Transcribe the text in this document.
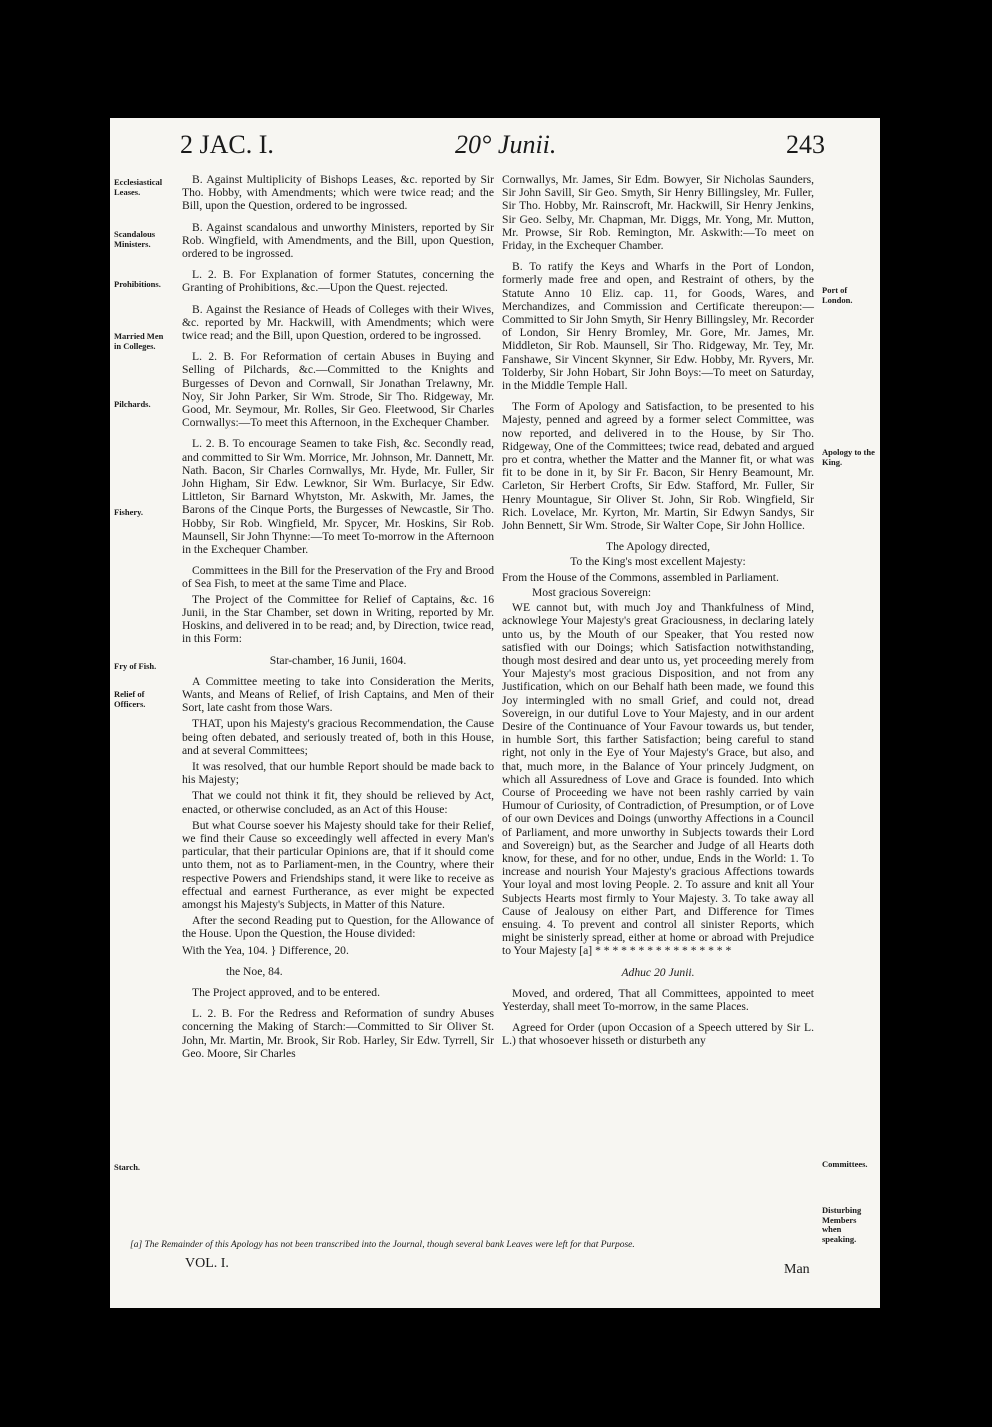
2 JAC. I.	20° Junii.	243

B. Against Multiplicity of Bishops Leases, &c. reported by Sir Tho. Hobby, with Amendments; which were twice read; and the Bill, upon the Question, ordered to be ingrossed.

B. Against scandalous and unworthy Ministers, reported by Sir Rob. Wingfield, with Amendments, and the Bill, upon Question, ordered to be ingrossed.

L. 2. B. For Explanation of former Statutes, concerning the Granting of Prohibitions, &c.—Upon the Quest. rejected.

B. Against the Resiance of Heads of Colleges with their Wives, &c. reported by Mr. Hackwill, with Amendments; which were twice read; and the Bill, upon Question, ordered to be ingrossed.

L. 2. B. For Reformation of certain Abuses in Buying and Selling of Pilchards, &c.—Committed to the Knights and Burgesses of Devon and Cornwall, Sir Jonathan Trelawny, Mr. Noy, Sir John Parker, Sir Wm. Strode, Sir Tho. Ridgeway, Mr. Good, Mr. Seymour, Mr. Rolles, Sir Geo. Fleetwood, Sir Charles Cornwallys:—To meet this Afternoon, in the Exchequer Chamber.

L. 2. B. To encourage Seamen to take Fish, &c. Secondly read, and committed to Sir Wm. Morrice, Mr. Johnson, Mr. Dannett, Mr. Nath. Bacon, Sir Charles Cornwallys, Mr. Hyde, Mr. Fuller, Sir John Higham, Sir Edw. Lewknor, Sir Wm. Burlacye, Sir Edw. Littleton, Sir Barnard Whytston, Mr. Askwith, Mr. James, the Barons of the Cinque Ports, the Burgesses of Newcastle, Sir Tho. Hobby, Sir Rob. Wingfield, Mr. Spycer, Mr. Hoskins, Sir Rob. Maunsell, Sir John Thynne:—To meet To-morrow in the Afternoon in the Exchequer Chamber.

Committees in the Bill for the Preservation of the Fry and Brood of Sea Fish, to meet at the same Time and Place.

The Project of the Committee for Relief of Captains, &c. 16 Junii, in the Star Chamber, set down in Writing, reported by Mr. Hoskins, and delivered in to be read; and, by Direction, twice read, in this Form:

Star-chamber, 16 Junii, 1604.

A Committee meeting to take into Consideration the Merits, Wants, and Means of Relief, of Irish Captains, and Men of their Sort, late casht from those Wars.

THAT, upon his Majesty's gracious Recommendation, the Cause being often debated, and seriously treated of, both in this House, and at several Committees;

It was resolved, that our humble Report should be made back to his Majesty;

That we could not think it fit, they should be relieved by Act, enacted, or otherwise concluded, as an Act of this House:

But what Course soever his Majesty should take for their Relief, we find their Cause so exceedingly well affected in every Man's particular, that their particular Opinions are, that if it should come unto them, not as to Parliament-men, in the Country, where their respective Powers and Friendships stand, it were like to receive as effectual and earnest Furtherance, as ever might be expected amongst his Majesty's Subjects, in Matter of this Nature.

After the second Reading put to Question, for the Allowance of the House. Upon the Question, the House divided:

With the Yea, 104. } Difference, 20.

the Noe, 84.

The Project approved, and to be entered.

L. 2. B. For the Redress and Reformation of sundry Abuses concerning the Making of Starch:—Committed to Sir Oliver St. John, Mr. Martin, Mr. Brook, Sir Rob. Harley, Sir Edw. Tyrrell, Sir Geo. Moore, Sir Charles

Cornwallys, Mr. James, Sir Edm. Bowyer, Sir Nicholas Saunders, Sir John Savill, Sir Geo. Smyth, Sir Henry Billingsley, Mr. Fuller, Sir Tho. Hobby, Mr. Rainscroft, Mr. Hackwill, Sir Henry Jenkins, Sir Geo. Selby, Mr. Chapman, Mr. Diggs, Mr. Yong, Mr. Mutton, Mr. Prowse, Sir Rob. Remington, Mr. Askwith:—To meet on Friday, in the Exchequer Chamber.

B. To ratify the Keys and Wharfs in the Port of London, formerly made free and open, and Restraint of others, by the Statute Anno 10 Eliz. cap. 11, for Goods, Wares, and Merchandizes, and Commission and Certificate thereupon:—Committed to Sir John Smyth, Sir Henry Billingsley, Mr. Recorder of London, Sir Henry Bromley, Mr. Gore, Mr. James, Mr. Middleton, Sir Rob. Maunsell, Sir Tho. Ridgeway, Mr. Tey, Mr. Fanshawe, Sir Vincent Skynner, Sir Edw. Hobby, Mr. Ryvers, Mr. Tolderby, Sir John Hobart, Sir John Boys:—To meet on Saturday, in the Middle Temple Hall.

The Form of Apology and Satisfaction, to be presented to his Majesty, penned and agreed by a former select Committee, was now reported, and delivered in to the House, by Sir Tho. Ridgeway, One of the Committees; twice read, debated and argued pro et contra, whether the Matter and the Manner fit, or what was fit to be done in it, by Sir Fr. Bacon, Sir Henry Beamount, Mr. Carleton, Sir Herbert Crofts, Sir Edw. Stafford, Mr. Fuller, Sir Henry Mountague, Sir Oliver St. John, Sir Rob. Wingfield, Sir Rich. Lovelace, Mr. Kyrton, Mr. Martin, Sir Edwyn Sandys, Sir John Bennett, Sir Wm. Strode, Sir Walter Cope, Sir John Hollice.

The Apology directed,

To the King's most excellent Majesty:

From the House of the Commons, assembled in Parliament.

Most gracious Sovereign:

WE cannot but, with much Joy and Thankfulness of Mind, acknowlege Your Majesty's great Graciousness, in declaring lately unto us, by the Mouth of our Speaker, that You rested now satisfied with our Doings; which Satisfaction notwithstanding, though most desired and dear unto us, yet proceeding merely from Your Majesty's most gracious Disposition, and not from any Justification, which on our Behalf hath been made, we found this Joy intermingled with no small Grief, and could not, dread Sovereign, in our dutiful Love to Your Majesty, and in our ardent Desire of the Continuance of Your Favour towards us, but tender, in humble Sort, this farther Satisfaction; being careful to stand right, not only in the Eye of Your Majesty's Grace, but also, and that, much more, in the Balance of Your princely Judgment, on which all Assuredness of Love and Grace is founded. Into which Course of Proceeding we have not been rashly carried by vain Humour of Curiosity, of Contradiction, of Presumption, or of Love of our own Devices and Doings (unworthy Affections in a Council of Parliament, and more unworthy in Subjects towards their Lord and Sovereign) but, as the Searcher and Judge of all Hearts doth know, for these, and for no other, undue, Ends in the World: 1. To increase and nourish Your Majesty's gracious Affections towards Your loyal and most loving People. 2. To assure and knit all Your Subjects Hearts most firmly to Your Majesty. 3. To take away all Cause of Jealousy on either Part, and Difference for Times ensuing. 4. To prevent and control all sinister Reports, which might be sinisterly spread, either at home or abroad with Prejudice to Your Majesty [a] * * * * * * * * * * * * * * * *

Adhuc 20 Junii.

Moved, and ordered, That all Committees, appointed to meet Yesterday, shall meet To-morrow, in the same Places.

Agreed for Order (upon Occasion of a Speech uttered by Sir L. L.) that whosoever hisseth or disturbeth any

Ecclesiastical Leases.
Scandalous Ministers.
Prohibitions.
Married Men in Colleges.
Pilchards.
Fishery.
Fry of Fish.
Relief of Officers.
Starch.
Port of London.
Apology to the King.
Committees.
Disturbing Members when speaking.
[a] The Remainder of this Apology has not been transcribed into the Journal, though several bank Leaves were left for that Purpose.
VOL. I.	Man
